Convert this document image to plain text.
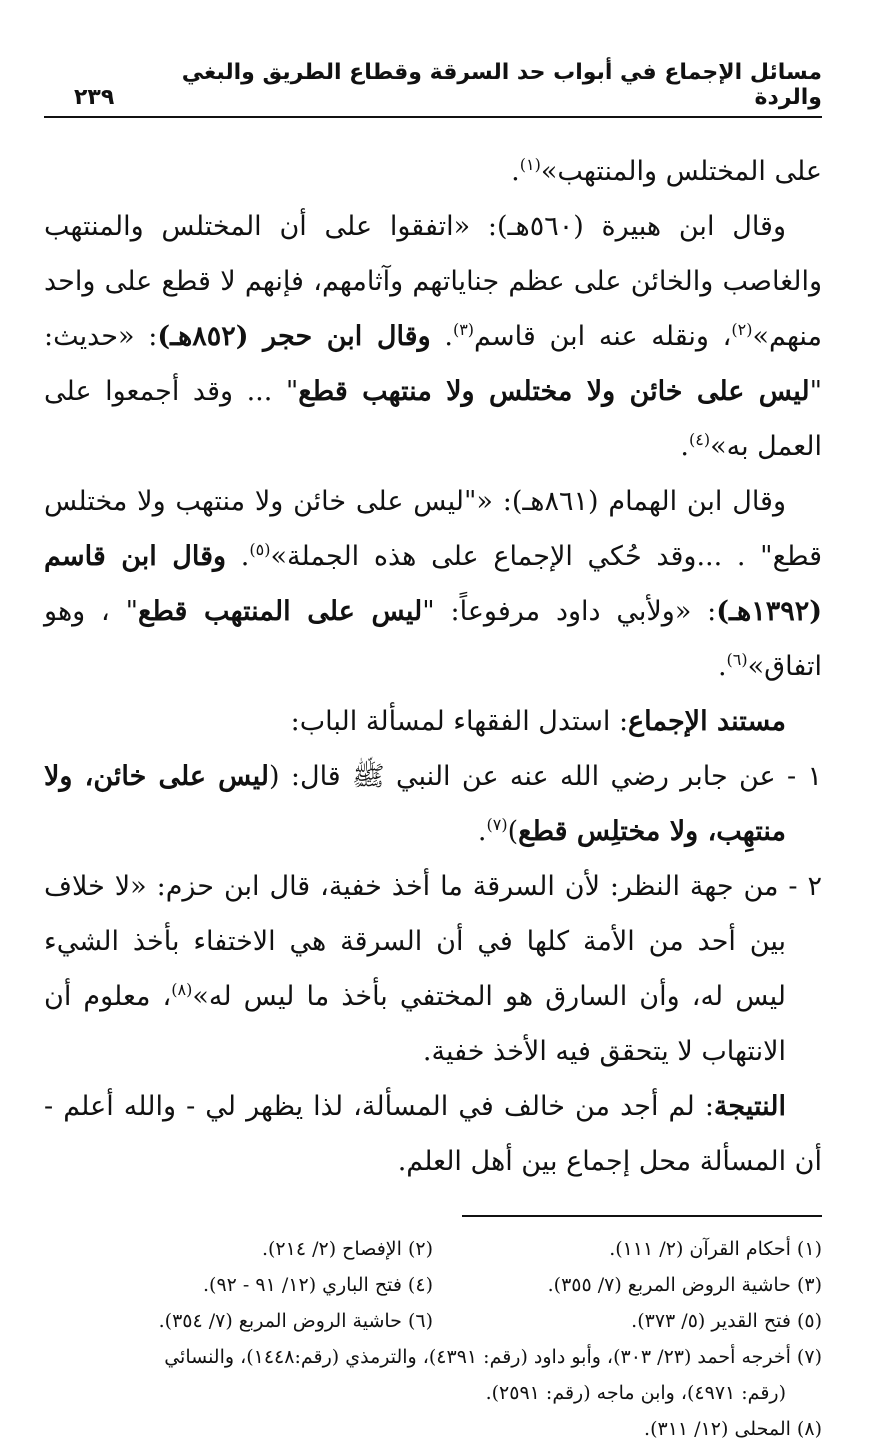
مسائل الإجماع في أبواب حد السرقة وقطاع الطريق والبغي والردة
٢٣٩

على المختلس والمنتهب»$^{(١)}$.

وقال ابن هبيرة (٥٦٠هـ): «اتفقوا على أن المختلس والمنتهب والغاصب والخائن على عظم جناياتهم وآثامهم، فإنهم لا قطع على واحد منهم»$^{(٢)}$، ونقله عنه ابن قاسم$^{(٣)}$. وقال ابن حجر (٨٥٢هـ): «حديث: "ليس على خائن ولا مختلس ولا منتهب قطع" ... وقد أجمعوا على العمل به»$^{(٤)}$.

وقال ابن الهمام (٨٦١هـ): «"ليس على خائن ولا منتهب ولا مختلس قطع" . ...وقد حُكي الإجماع على هذه الجملة»$^{(٥)}$. وقال ابن قاسم (١٣٩٢هـ): «ولأبي داود مرفوعاً: "ليس على المنتهب قطع" ، وهو اتفاق»$^{(٦)}$.

مستند الإجماع: استدل الفقهاء لمسألة الباب:

١ - عن جابر رضي الله عنه عن النبي ﷺ قال: (ليس على خائن، ولا منتهِب، ولا مختلِس قطع)$^{(٧)}$.

٢ - من جهة النظر: لأن السرقة ما أخذ خفية، قال ابن حزم: «لا خلاف بين أحد من الأمة كلها في أن السرقة هي الاختفاء بأخذ الشيء ليس له، وأن السارق هو المختفي بأخذ ما ليس له»$^{(٨)}$، معلوم أن الانتهاب لا يتحقق فيه الأخذ خفية.

النتيجة: لم أجد من خالف في المسألة، لذا يظهر لي - والله أعلم - أن المسألة محل إجماع بين أهل العلم.

(١) أحكام القرآن (٢/ ١١١).
(٢) الإفصاح (٢/ ٢١٤).
(٣) حاشية الروض المربع (٧/ ٣٥٥).
(٤) فتح الباري (١٢/ ٩١ - ٩٢).
(٥) فتح القدير (٥/ ٣٧٣).
(٦) حاشية الروض المربع (٧/ ٣٥٤).
(٧) أخرجه أحمد (٢٣/ ٣٠٣)، وأبو داود (رقم: ٤٣٩١)، والترمذي (رقم:١٤٤٨)، والنسائي
(رقم: ٤٩٧١)، وابن ماجه (رقم: ٢٥٩١).
(٨) المحلى (١٢/ ٣١١).
